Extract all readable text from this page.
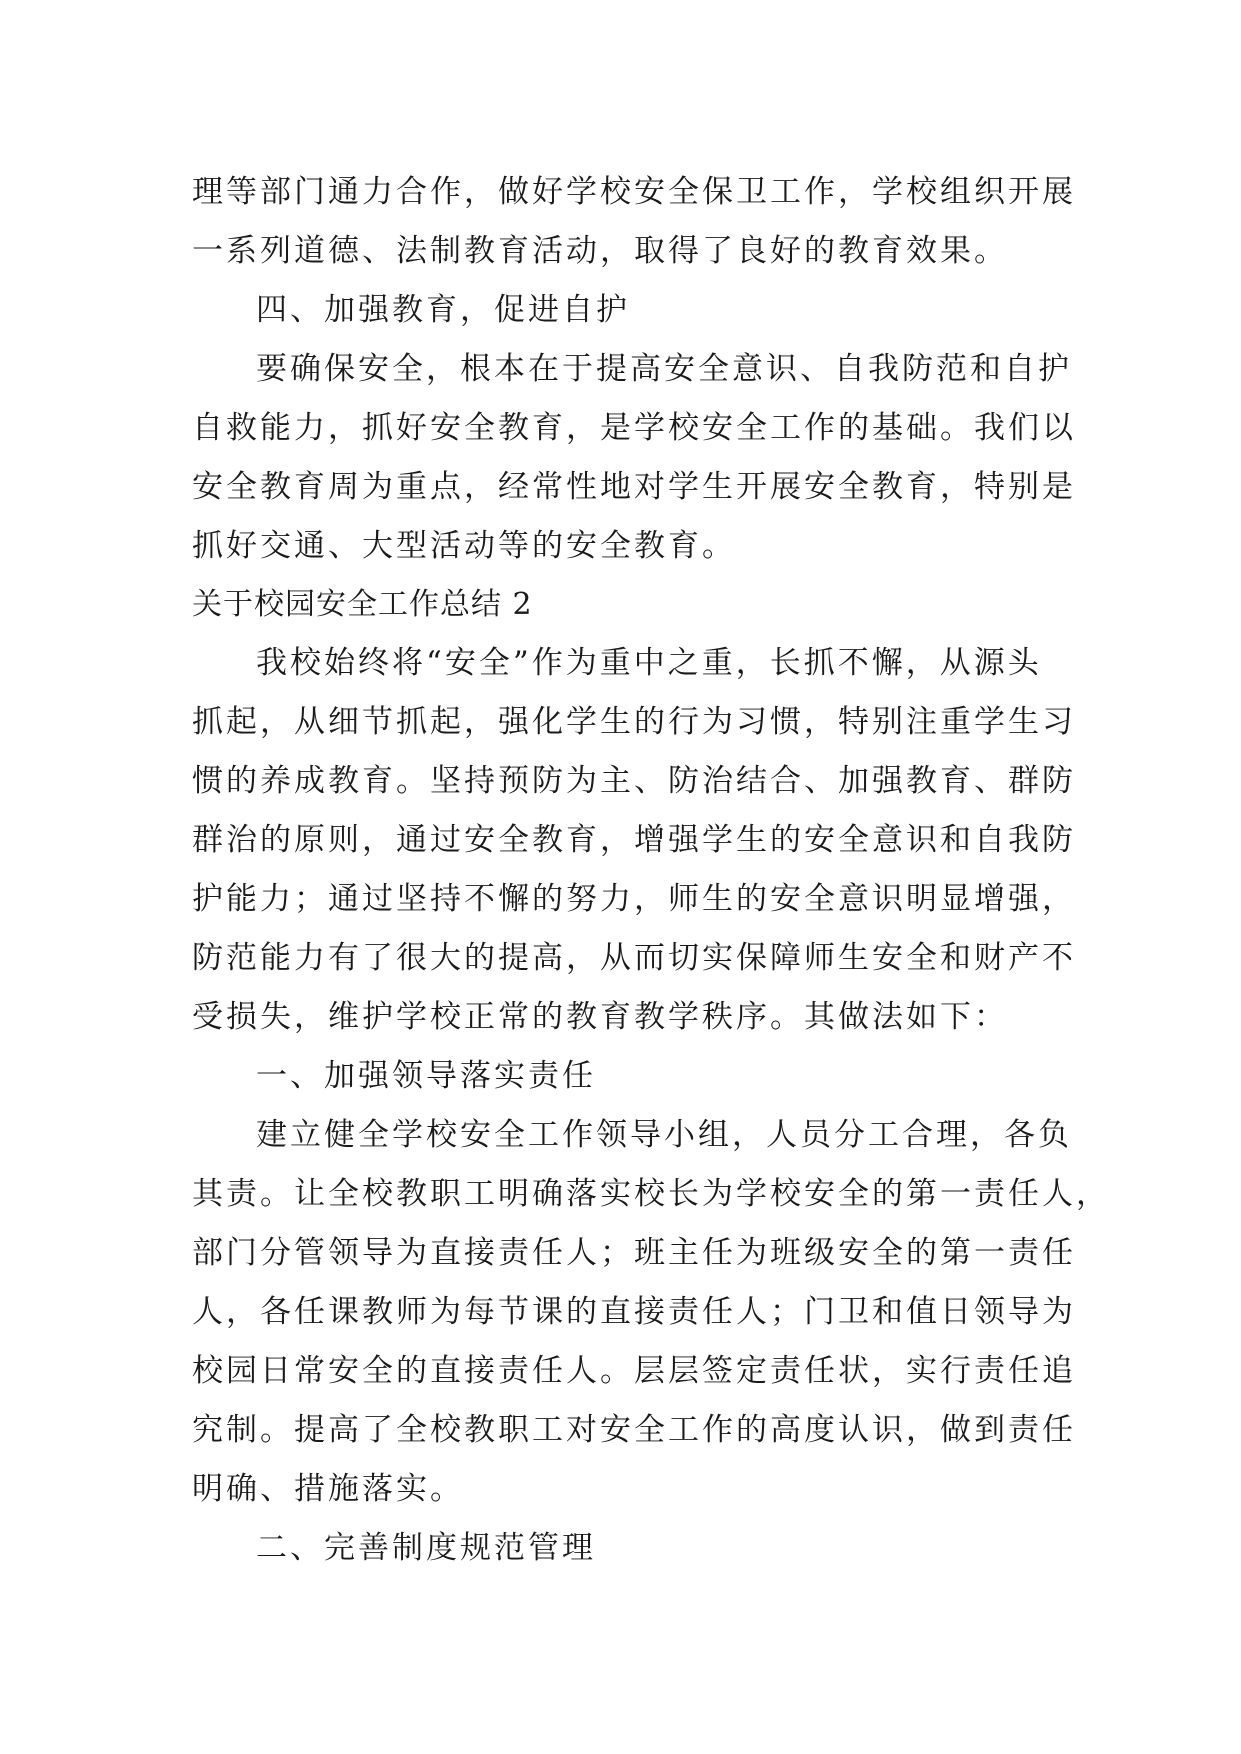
理等部门通力合作，做好学校安全保卫工作，学校组织开展
一系列道德、法制教育活动，取得了良好的教育效果。
四、加强教育，促进自护
要确保安全，根本在于提高安全意识、自我防范和自护
自救能力，抓好安全教育，是学校安全工作的基础。我们以
安全教育周为重点，经常性地对学生开展安全教育，特别是
抓好交通、大型活动等的安全教育。
关于校园安全工作总结 2
我校始终将“安全”作为重中之重，长抓不懈，从源头
抓起，从细节抓起，强化学生的行为习惯，特别注重学生习
惯的养成教育。坚持预防为主、防治结合、加强教育、群防
群治的原则，通过安全教育，增强学生的安全意识和自我防
护能力；通过坚持不懈的努力，师生的安全意识明显增强，
防范能力有了很大的提高，从而切实保障师生安全和财产不
受损失，维护学校正常的教育教学秩序。其做法如下：
一、加强领导落实责任
建立健全学校安全工作领导小组，人员分工合理，各负
其责。让全校教职工明确落实校长为学校安全的第一责任人，
部门分管领导为直接责任人；班主任为班级安全的第一责任
人，各任课教师为每节课的直接责任人；门卫和值日领导为
校园日常安全的直接责任人。层层签定责任状，实行责任追
究制。提高了全校教职工对安全工作的高度认识，做到责任
明确、措施落实。
二、完善制度规范管理
